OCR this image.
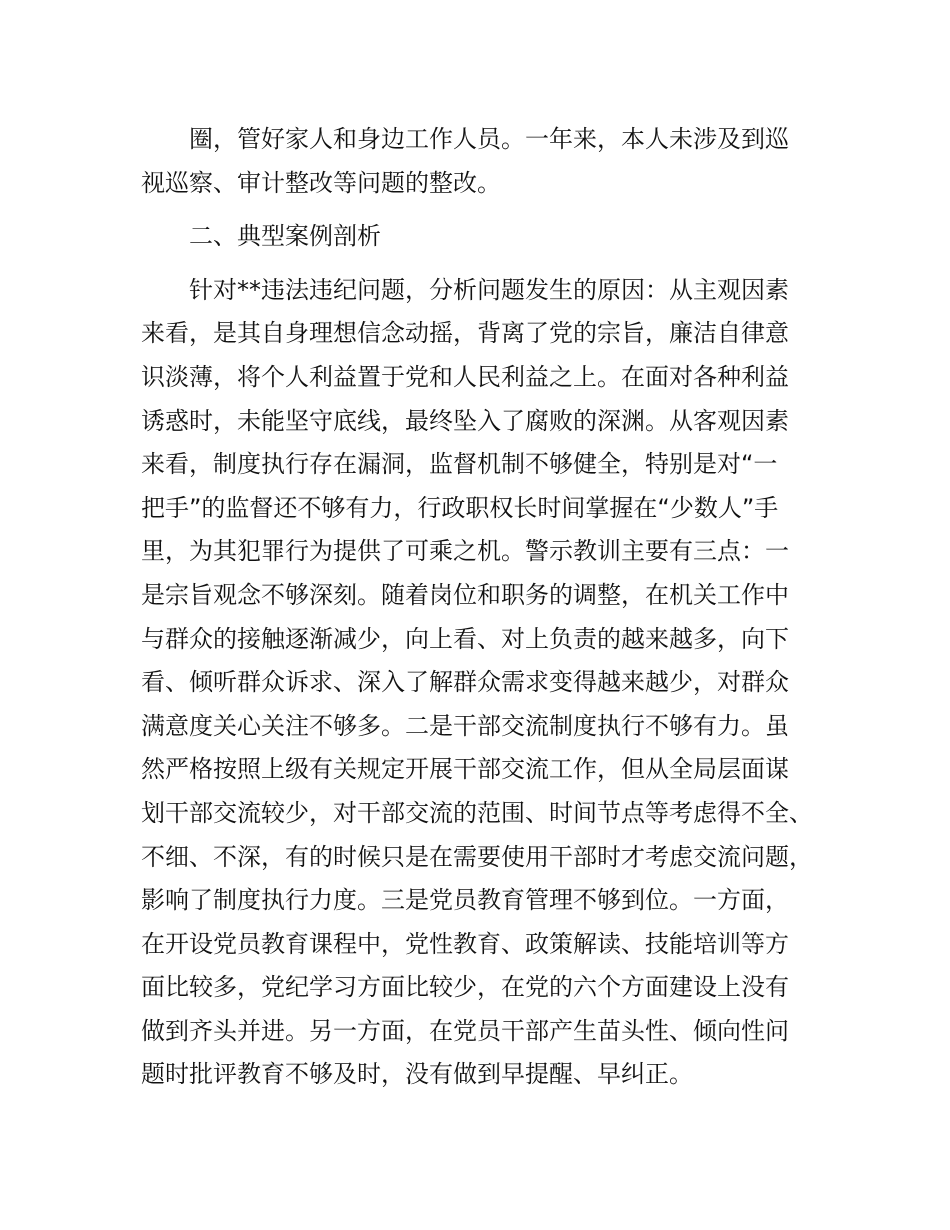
圈，管好家人和身边工作人员。一年来，本人未涉及到巡
视巡察、审计整改等问题的整改。
二、典型案例剖析
针对**违法违纪问题，分析问题发生的原因：从主观因素
来看，是其自身理想信念动摇，背离了党的宗旨，廉洁自律意
识淡薄，将个人利益置于党和人民利益之上。在面对各种利益
诱惑时，未能坚守底线，最终坠入了腐败的深渊。从客观因素
来看，制度执行存在漏洞，监督机制不够健全，特别是对“一
把手”的监督还不够有力，行政职权长时间掌握在“少数人”手
里，为其犯罪行为提供了可乘之机。警示教训主要有三点：一
是宗旨观念不够深刻。随着岗位和职务的调整，在机关工作中
与群众的接触逐渐减少，向上看、对上负责的越来越多，向下
看、倾听群众诉求、深入了解群众需求变得越来越少，对群众
满意度关心关注不够多。二是干部交流制度执行不够有力。虽
然严格按照上级有关规定开展干部交流工作，但从全局层面谋
划干部交流较少，对干部交流的范围、时间节点等考虑得不全、
不细、不深，有的时候只是在需要使用干部时才考虑交流问题，
影响了制度执行力度。三是党员教育管理不够到位。一方面，
在开设党员教育课程中，党性教育、政策解读、技能培训等方
面比较多，党纪学习方面比较少，在党的六个方面建设上没有
做到齐头并进。另一方面，在党员干部产生苗头性、倾向性问
题时批评教育不够及时，没有做到早提醒、早纠正。
